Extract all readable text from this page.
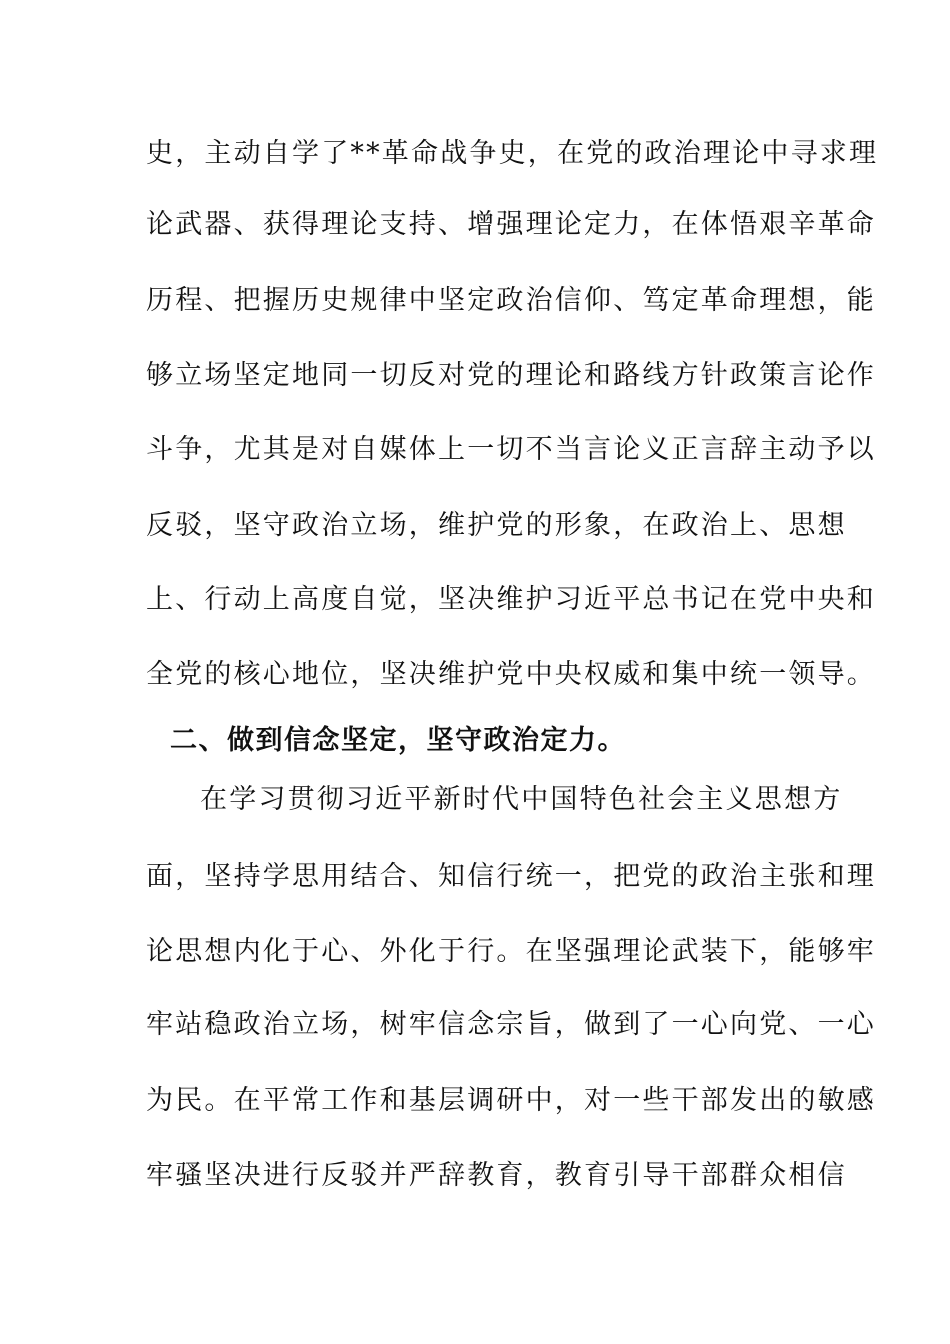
史，主动自学了**革命战争史，在党的政治理论中寻求理
论武器、获得理论支持、增强理论定力，在体悟艰辛革命
历程、把握历史规律中坚定政治信仰、笃定革命理想，能
够立场坚定地同一切反对党的理论和路线方针政策言论作
斗争，尤其是对自媒体上一切不当言论义正言辞主动予以
反驳，坚守政治立场，维护党的形象，在政治上、思想
上、行动上高度自觉，坚决维护习近平总书记在党中央和
全党的核心地位，坚决维护党中央权威和集中统一领导。
二、做到信念坚定，坚守政治定力。
在学习贯彻习近平新时代中国特色社会主义思想方
面，坚持学思用结合、知信行统一，把党的政治主张和理
论思想内化于心、外化于行。在坚强理论武装下，能够牢
牢站稳政治立场，树牢信念宗旨，做到了一心向党、一心
为民。在平常工作和基层调研中，对一些干部发出的敏感
牢骚坚决进行反驳并严辞教育，教育引导干部群众相信
